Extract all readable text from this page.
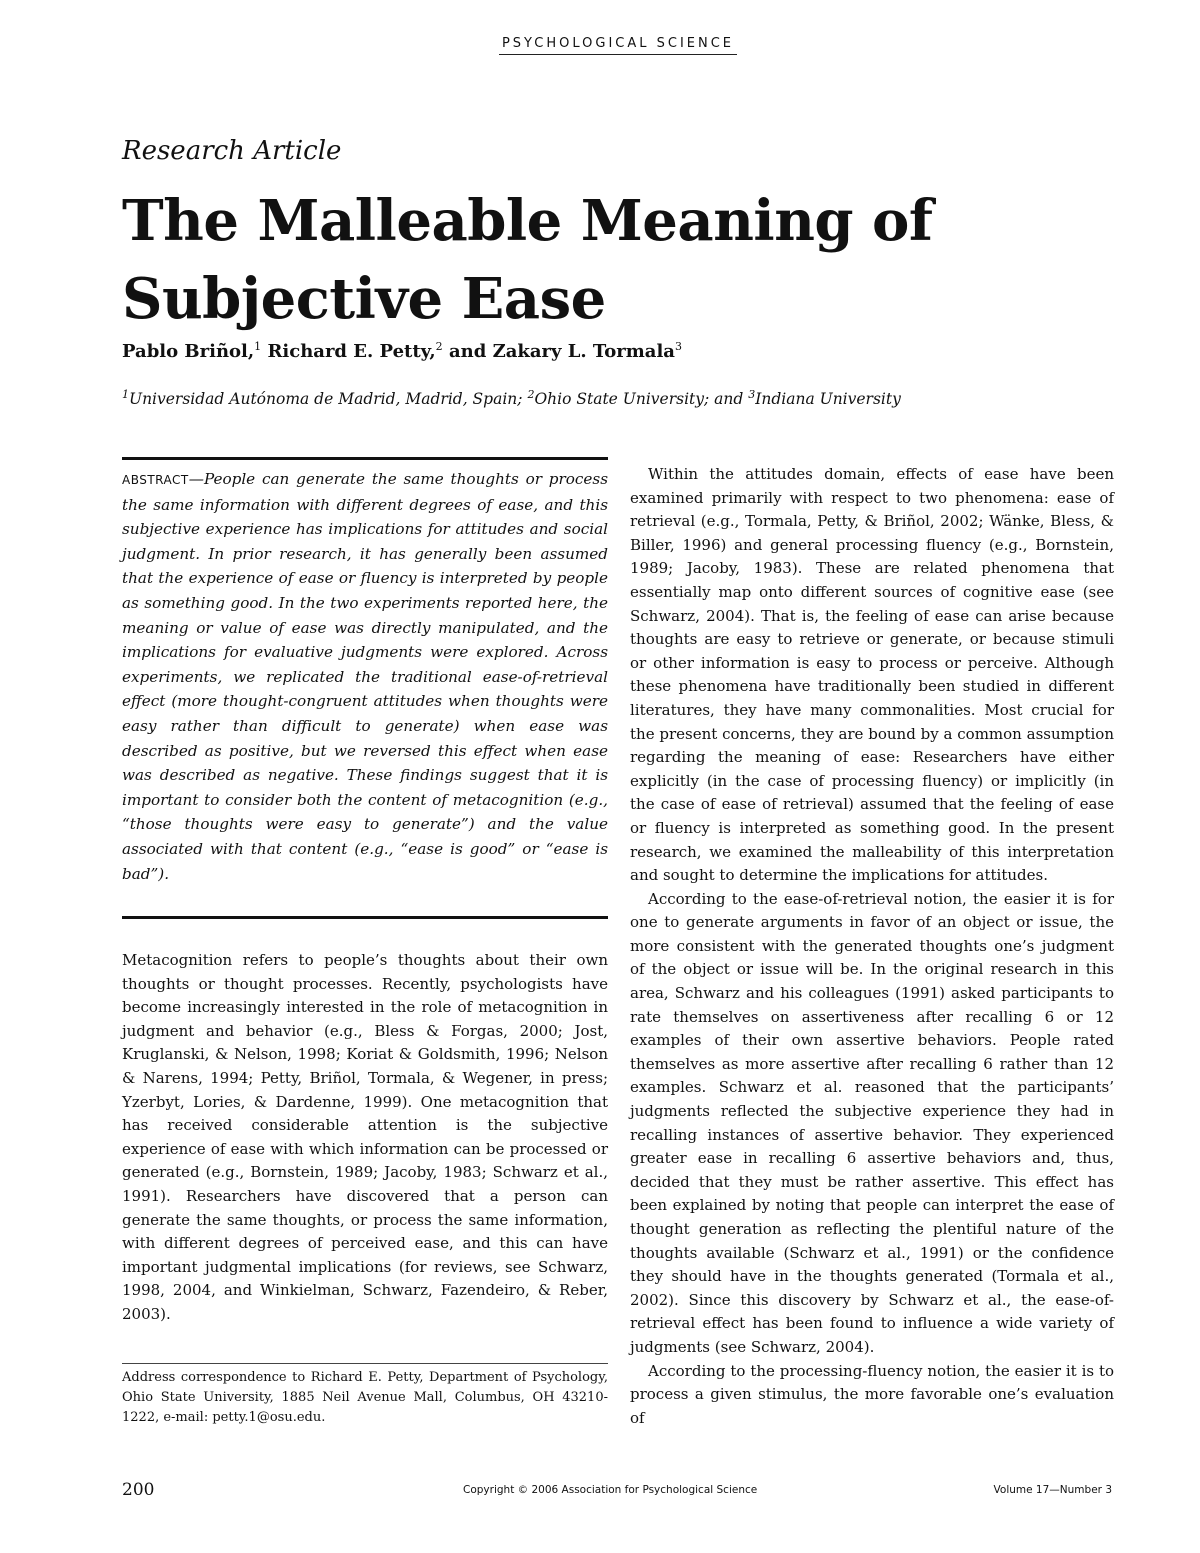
PSYCHOLOGICAL SCIENCE
Research Article
The Malleable Meaning of
Subjective Ease
Pablo Briñol,$^1$ Richard E. Petty,$^2$ and Zakary L. Tormala$^3$
$^1$Universidad Autónoma de Madrid, Madrid, Spain; $^2$Ohio State University; and $^3$Indiana University
ABSTRACT—People can generate the same thoughts or process the same information with different degrees of ease, and this subjective experience has implications for attitudes and social judgment. In prior research, it has generally been assumed that the experience of ease or fluency is interpreted by people as something good. In the two experiments reported here, the meaning or value of ease was directly manipulated, and the implications for evaluative judgments were explored. Across experiments, we replicated the traditional ease-of-retrieval effect (more thought-congruent attitudes when thoughts were easy rather than difficult to generate) when ease was described as positive, but we reversed this effect when ease was described as negative. These findings suggest that it is important to consider both the content of metacognition (e.g., “those thoughts were easy to generate”) and the value associated with that content (e.g., “ease is good” or “ease is bad”).
Metacognition refers to people’s thoughts about their own thoughts or thought processes. Recently, psychologists have become increasingly interested in the role of metacognition in judgment and behavior (e.g., Bless & Forgas, 2000; Jost, Kruglanski, & Nelson, 1998; Koriat & Goldsmith, 1996; Nelson & Narens, 1994; Petty, Briñol, Tormala, & Wegener, in press; Yzerbyt, Lories, & Dardenne, 1999). One metacognition that has received considerable attention is the subjective experience of ease with which information can be processed or generated (e.g., Bornstein, 1989; Jacoby, 1983; Schwarz et al., 1991). Researchers have discovered that a person can generate the same thoughts, or process the same information, with different degrees of perceived ease, and this can have important judgmental implications (for reviews, see Schwarz, 1998, 2004, and Winkielman, Schwarz, Fazendeiro, & Reber, 2003).
Address correspondence to Richard E. Petty, Department of Psychology, Ohio State University, 1885 Neil Avenue Mall, Columbus, OH 43210-1222, e-mail: petty.1@osu.edu.

Within the attitudes domain, effects of ease have been examined primarily with respect to two phenomena: ease of retrieval (e.g., Tormala, Petty, & Briñol, 2002; Wänke, Bless, & Biller, 1996) and general processing fluency (e.g., Bornstein, 1989; Jacoby, 1983). These are related phenomena that essentially map onto different sources of cognitive ease (see Schwarz, 2004). That is, the feeling of ease can arise because thoughts are easy to retrieve or generate, or because stimuli or other information is easy to process or perceive. Although these phenomena have traditionally been studied in different literatures, they have many commonalities. Most crucial for the present concerns, they are bound by a common assumption regarding the meaning of ease: Researchers have either explicitly (in the case of processing fluency) or implicitly (in the case of ease of retrieval) assumed that the feeling of ease or fluency is interpreted as something good. In the present research, we examined the malleability of this interpretation and sought to determine the implications for attitudes.

According to the ease-of-retrieval notion, the easier it is for one to generate arguments in favor of an object or issue, the more consistent with the generated thoughts one’s judgment of the object or issue will be. In the original research in this area, Schwarz and his colleagues (1991) asked participants to rate themselves on assertiveness after recalling 6 or 12 examples of their own assertive behaviors. People rated themselves as more assertive after recalling 6 rather than 12 examples. Schwarz et al. reasoned that the participants’ judgments reflected the subjective experience they had in recalling instances of assertive behavior. They experienced greater ease in recalling 6 assertive behaviors and, thus, decided that they must be rather assertive. This effect has been explained by noting that people can interpret the ease of thought generation as reflecting the plentiful nature of the thoughts available (Schwarz et al., 1991) or the confidence they should have in the thoughts generated (Tormala et al., 2002). Since this discovery by Schwarz et al., the ease-of-retrieval effect has been found to influence a wide variety of judgments (see Schwarz, 2004).

According to the processing-fluency notion, the easier it is to process a given stimulus, the more favorable one’s evaluation of

200	Copyright © 2006 Association for Psychological Science	Volume 17—Number 3
